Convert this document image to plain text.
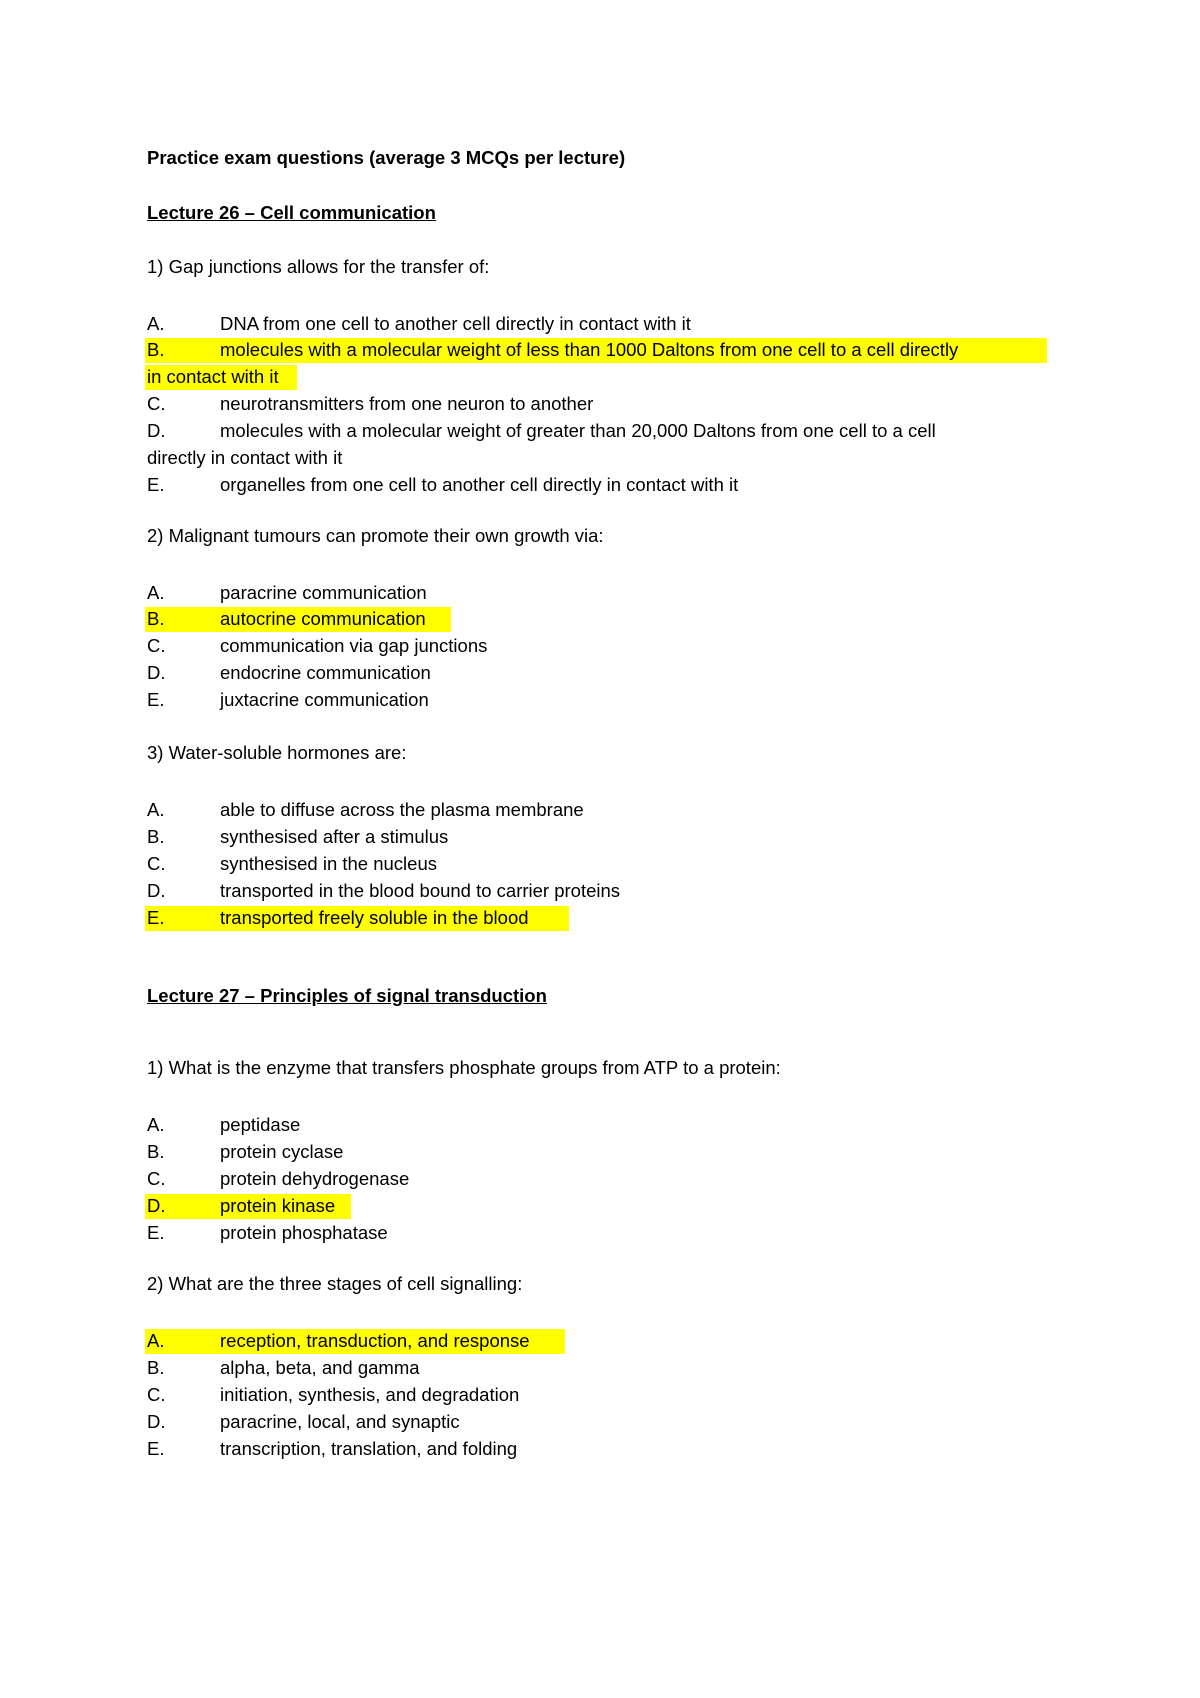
Practice exam questions (average 3 MCQs per lecture)
Lecture 26 – Cell communication
1) Gap junctions allows for the transfer of:
A.	DNA from one cell to another cell directly in contact with it
B.	molecules with a molecular weight of less than 1000 Daltons from one cell to a cell directly
in contact with it
C.	neurotransmitters from one neuron to another
D.	molecules with a molecular weight of greater than 20,000 Daltons from one cell to a cell
directly in contact with it
E.	organelles from one cell to another cell directly in contact with it
2) Malignant tumours can promote their own growth via:
A.	paracrine communication
B.	autocrine communication
C.	communication via gap junctions
D.	endocrine communication
E.	juxtacrine communication
3) Water-soluble hormones are:
A.	able to diffuse across the plasma membrane
B.	synthesised after a stimulus
C.	synthesised in the nucleus
D.	transported in the blood bound to carrier proteins
E.	transported freely soluble in the blood
Lecture 27 – Principles of signal transduction
1) What is the enzyme that transfers phosphate groups from ATP to a protein:
A.	peptidase
B.	protein cyclase
C.	protein dehydrogenase
D.	protein kinase
E.	protein phosphatase
2) What are the three stages of cell signalling:
A.	reception, transduction, and response
B.	alpha, beta, and gamma
C.	initiation, synthesis, and degradation
D.	paracrine, local, and synaptic
E.	transcription, translation, and folding
